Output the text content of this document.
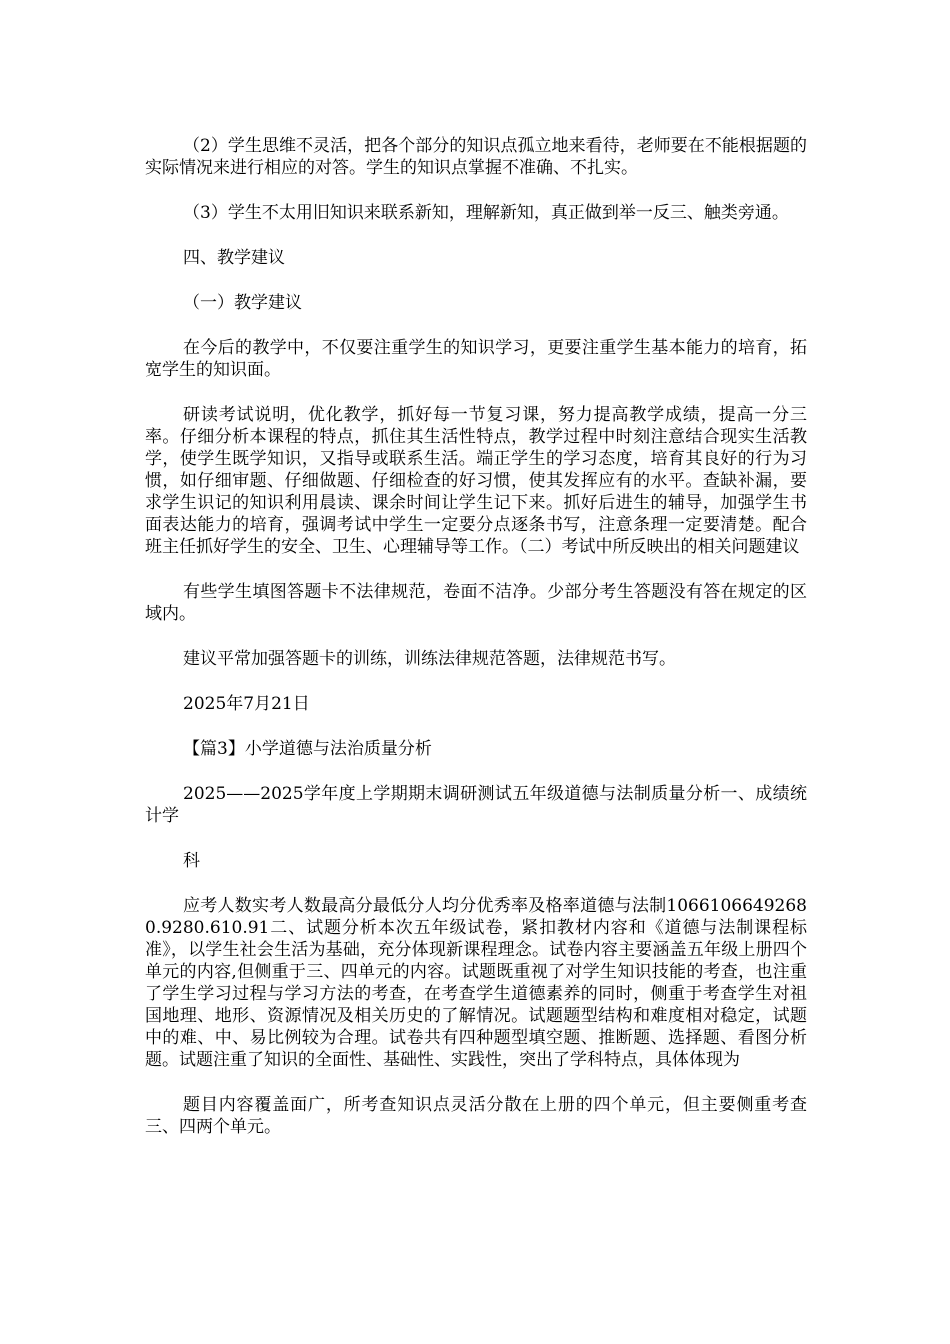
（2）学生思维不灵活，把各个部分的知识点孤立地来看待，老师要在不能根据题的实际情况来进行相应的对答。学生的知识点掌握不准确、不扎实。

（3）学生不太用旧知识来联系新知，理解新知，真正做到举一反三、触类旁通。

四、教学建议

（一）教学建议

在今后的教学中，不仅要注重学生的知识学习，更要注重学生基本能力的培育，拓宽学生的知识面。

研读考试说明，优化教学，抓好每一节复习课，努力提高教学成绩，提高一分三率。仔细分析本课程的特点，抓住其生活性特点，教学过程中时刻注意结合现实生活教学，使学生既学知识，又指导或联系生活。端正学生的学习态度，培育其良好的行为习惯，如仔细审题、仔细做题、仔细检查的好习惯，使其发挥应有的水平。查缺补漏，要求学生识记的知识利用晨读、课余时间让学生记下来。抓好后进生的辅导，加强学生书面表达能力的培育，强调考试中学生一定要分点逐条书写，注意条理一定要清楚。配合班主任抓好学生的安全、卫生、心理辅导等工作。（二）考试中所反映出的相关问题建议

有些学生填图答题卡不法律规范，卷面不洁净。少部分考生答题没有答在规定的区域内。

建议平常加强答题卡的训练，训练法律规范答题，法律规范书写。

2025年7月21日

【篇3】小学道德与法治质量分析

2025——2025学年度上学期期末调研测试五年级道德与法制质量分析一、成绩统计学

科

应考人数实考人数最高分最低分人均分优秀率及格率道德与法制10661066492680.9280.610.91二、试题分析本次五年级试卷，紧扣教材内容和《道德与法制课程标准》，以学生社会生活为基础，充分体现新课程理念。试卷内容主要涵盖五年级上册四个单元的内容,但侧重于三、四单元的内容。试题既重视了对学生知识技能的考查，也注重了学生学习过程与学习方法的考查，在考查学生道德素养的同时，侧重于考查学生对祖国地理、地形、资源情况及相关历史的了解情况。试题题型结构和难度相对稳定，试题中的难、中、易比例较为合理。试卷共有四种题型填空题、推断题、选择题、看图分析题。试题注重了知识的全面性、基础性、实践性，突出了学科特点，具体体现为

题目内容覆盖面广，所考查知识点灵活分散在上册的四个单元，但主要侧重考查三、四两个单元。
